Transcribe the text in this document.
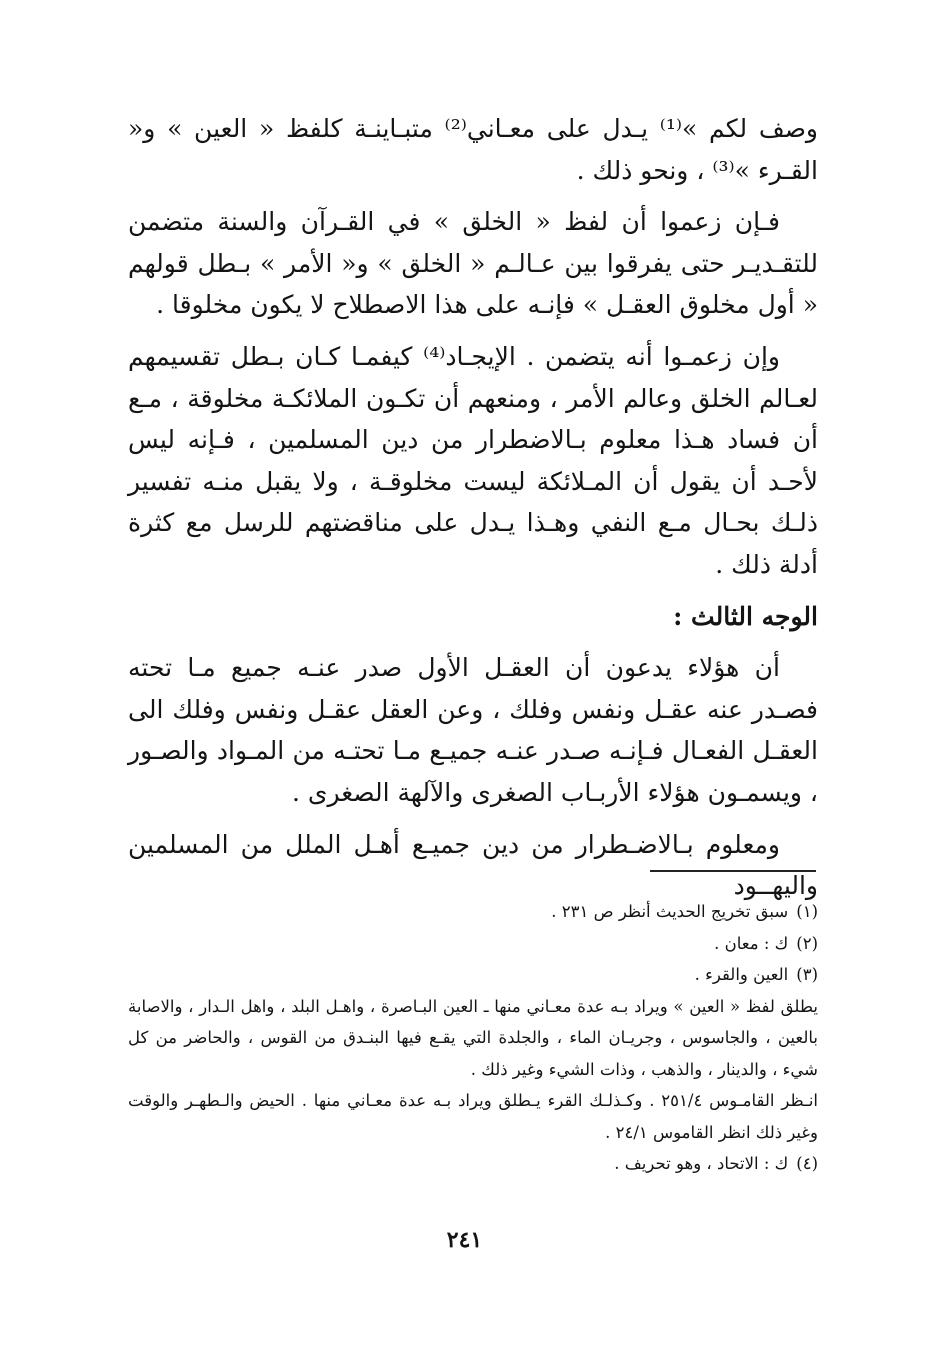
وصف لكم »⁽¹⁾ يـدل على معـاني⁽²⁾ متبـاينـة كلفظ « العين » و« القـرء »⁽³⁾ ، ونحو ذلك .

فـإن زعموا أن لفظ « الخلق » في القـرآن والسنة متضمن للتقـديـر حتى يفرقوا بين عـالـم « الخلق » و« الأمر » بـطل قولهم « أول مخلوق العقـل » فإنـه على هذا الاصطلاح لا يكون مخلوقا .

وإن زعمـوا أنه يتضمن . الإيجـاد⁽⁴⁾ كيفمـا كـان بـطل تقسيمهم لعـالم الخلق وعالم الأمر ، ومنعهم أن تكـون الملائكـة مخلوقة ، مـع أن فساد هـذا معلوم بـالاضطرار من دين المسلمين ، فـإنه ليس لأحـد أن يقول أن المـلائكة ليست مخلوقـة ، ولا يقبل منـه تفسير ذلـك بحـال مـع النفي وهـذا يـدل على مناقضتهم للرسل مع كثرة أدلة ذلك .

الوجه الثالث :

أن هؤلاء يدعون أن العقـل الأول صدر عنـه جميع مـا تحته فصـدر عنه عقـل ونفس وفلك ، وعن العقل عقـل ونفس وفلك الى العقـل الفعـال فـإنـه صـدر عنـه جميـع مـا تحتـه من المـواد والصـور ، ويسمـون هؤلاء الأربـاب الصغرى والآلهة الصغرى .

ومعلوم بـالاضـطرار من دين جميـع أهـل الملل من المسلمين واليهــود

(١)سبق تخريج الحديث أنظر ص ٢٣١ .

(٢)ك : معان .

(٣)العين والقرء .

يطلق لفظ « العين » ويراد بـه عدة معـاني منها ـ العين البـاصرة ، واهـل البلد ، واهل الـدار ، والاصابة بالعين ، والجاسوس ، وجريـان الماء ، والجلدة التي يقـع فيها البنـدق من القوس ، والحاضر من كل شيء ، والدينار ، والذهب ، وذات الشيء وغير ذلك .

انـظر القامـوس ٢٥١/٤ . وكـذلـك القرء يـطلق ويراد بـه عدة معـاني منها . الحيض والـطهـر والوقت وغير ذلك انظر القاموس ٢٤/١ .

(٤)ك : الاتحاد ، وهو تحريف .

٢٤١
